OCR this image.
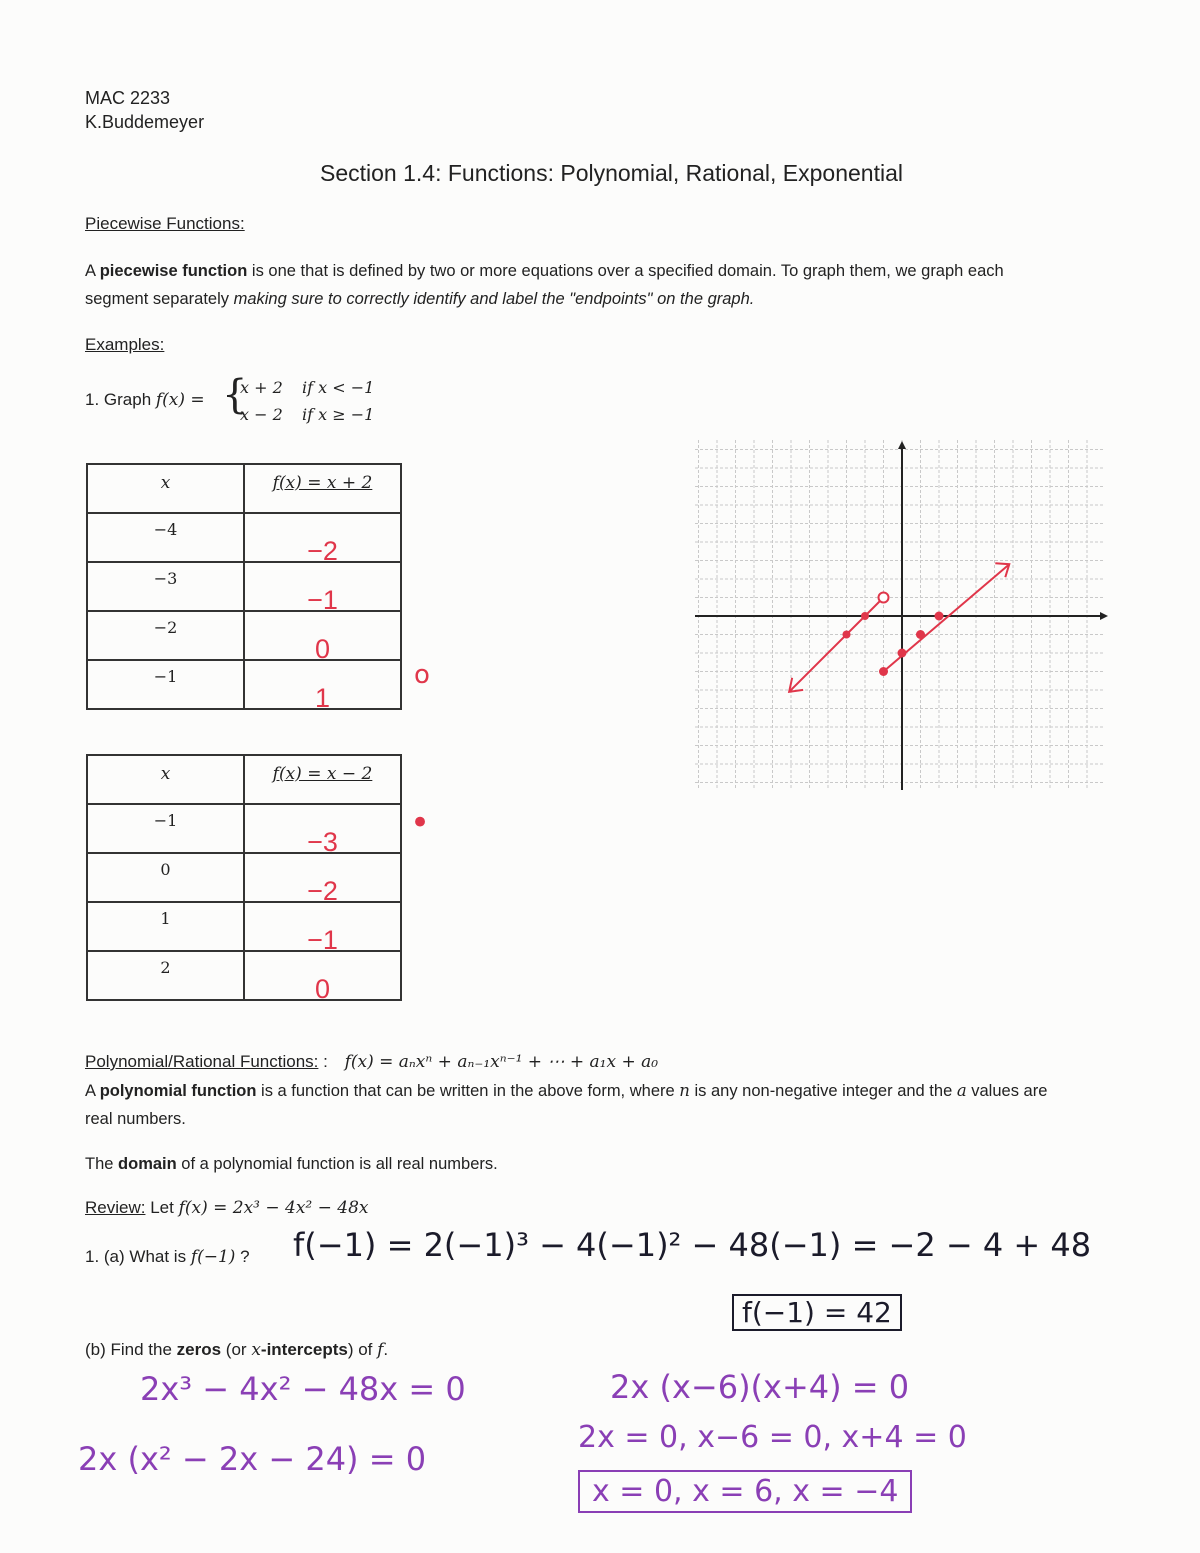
MAC 2233
K.Buddemeyer
Section 1.4: Functions: Polynomial, Rational, Exponential
Piecewise Functions:
A piecewise function is one that is defined by two or more equations over a specified domain. To graph them, we graph each
segment separately making sure to correctly identify and label the "endpoints" on the graph.
Examples:
1. Graph f(x) = {
x + 2 if x < −1
x − 2 if x ≥ −1
x	f(x) = x + 2

−4	−2

−3	−1

−2	0

−1	1
o
x	f(x) = x − 2

−1	−3

0	−2

1	−1

2	0
•
Polynomial/Rational Functions: : f(x) = aₙxⁿ + aₙ₋₁xⁿ⁻¹ + ⋯ + a₁x + a₀
A polynomial function is a function that can be written in the above form, where n is any non-negative integer and the a values are
real numbers.
The domain of a polynomial function is all real numbers.
Review: Let f(x) = 2x³ − 4x² − 48x
1. (a) What is f(−1) ? f(−1) = 2(−1)³ − 4(−1)² − 48(−1) = −2 − 4 + 48
f(−1) = 42
(b) Find the zeros (or x-intercepts) of f.
2x³ − 4x² − 48x = 0
2x (x² − 2x − 24) = 0
2x (x−6)(x+4) = 0
2x = 0, x−6 = 0, x+4 = 0
x = 0, x = 6, x = −4
